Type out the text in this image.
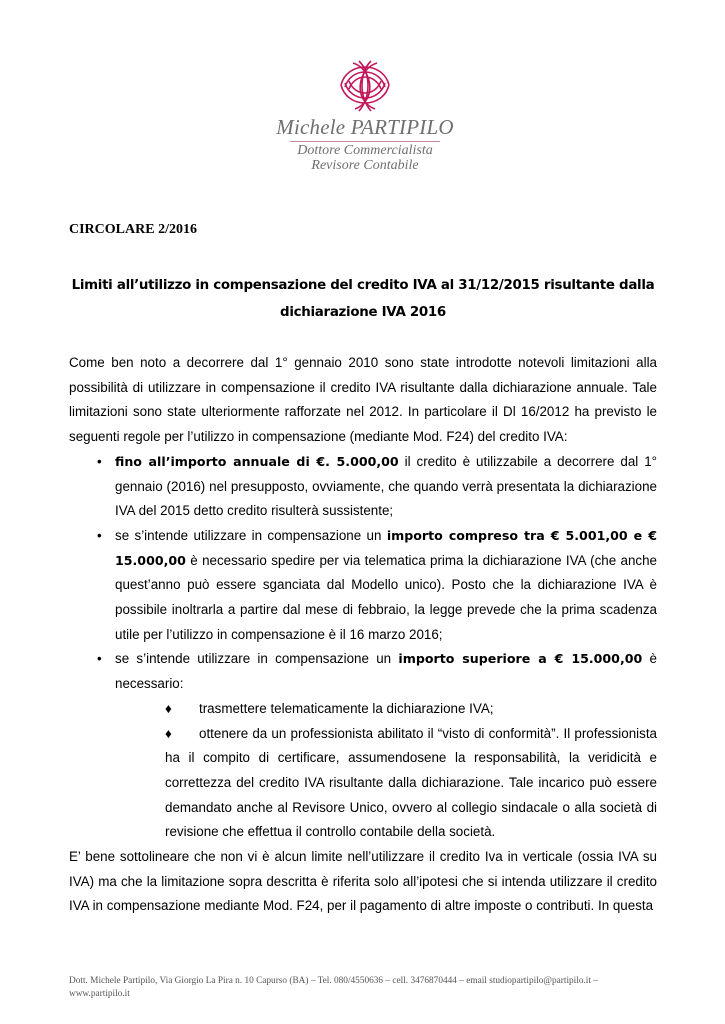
Michele PARTIPILO
Dottore Commercialista
Revisore Contabile
CIRCOLARE 2/2016
Limiti all’utilizzo in compensazione del credito IVA al 31/12/2015 risultante dalla
dichiarazione IVA 2016

Come ben noto a decorrere dal 1° gennaio 2010 sono state introdotte notevoli limitazioni alla possibilità di utilizzare in compensazione il credito IVA risultante dalla dichiarazione annuale. Tale limitazioni sono state ulteriormente rafforzate nel 2012. In particolare il Dl 16/2012 ha previsto le seguenti regole per l’utilizzo in compensazione (mediante Mod. F24) del credito IVA:

• fino all’importo annuale di €. 5.000,00 il credito è utilizzabile a decorrere dal 1° gennaio (2016) nel presupposto, ovviamente, che quando verrà presentata la dichiarazione IVA del 2015 detto credito risulterà sussistente;
• se s’intende utilizzare in compensazione un importo compreso tra € 5.001,00 e € 15.000,00 è necessario spedire per via telematica prima la dichiarazione IVA (che anche quest’anno può essere sganciata dal Modello unico). Posto che la dichiarazione IVA è possibile inoltrarla a partire dal mese di febbraio, la legge prevede che la prima scadenza utile per l’utilizzo in compensazione è il 16 marzo 2016;
• se s’intende utilizzare in compensazione un importo superiore a € 15.000,00 è necessario:
♦ trasmettere telematicamente la dichiarazione IVA;
♦ ottenere da un professionista abilitato il “visto di conformità”. Il professionista ha il compito di certificare, assumendosene la responsabilità, la veridicità e correttezza del credito IVA risultante dalla dichiarazione. Tale incarico può essere demandato anche al Revisore Unico, ovvero al collegio sindacale o alla società di revisione che effettua il controllo contabile della società.

E’ bene sottolineare che non vi è alcun limite nell’utilizzare il credito Iva in verticale (ossia IVA su IVA) ma che la limitazione sopra descritta è riferita solo all’ipotesi che si intenda utilizzare il credito IVA in compensazione mediante Mod. F24, per il pagamento di altre imposte o contributi. In questa

Dott. Michele Partipilo, Via Giorgio La Pira n. 10 Capurso (BA) – Tel. 080/4550636 – cell. 3476870444 – email studiopartipilo@partipilo.it – www.partipilo.it
